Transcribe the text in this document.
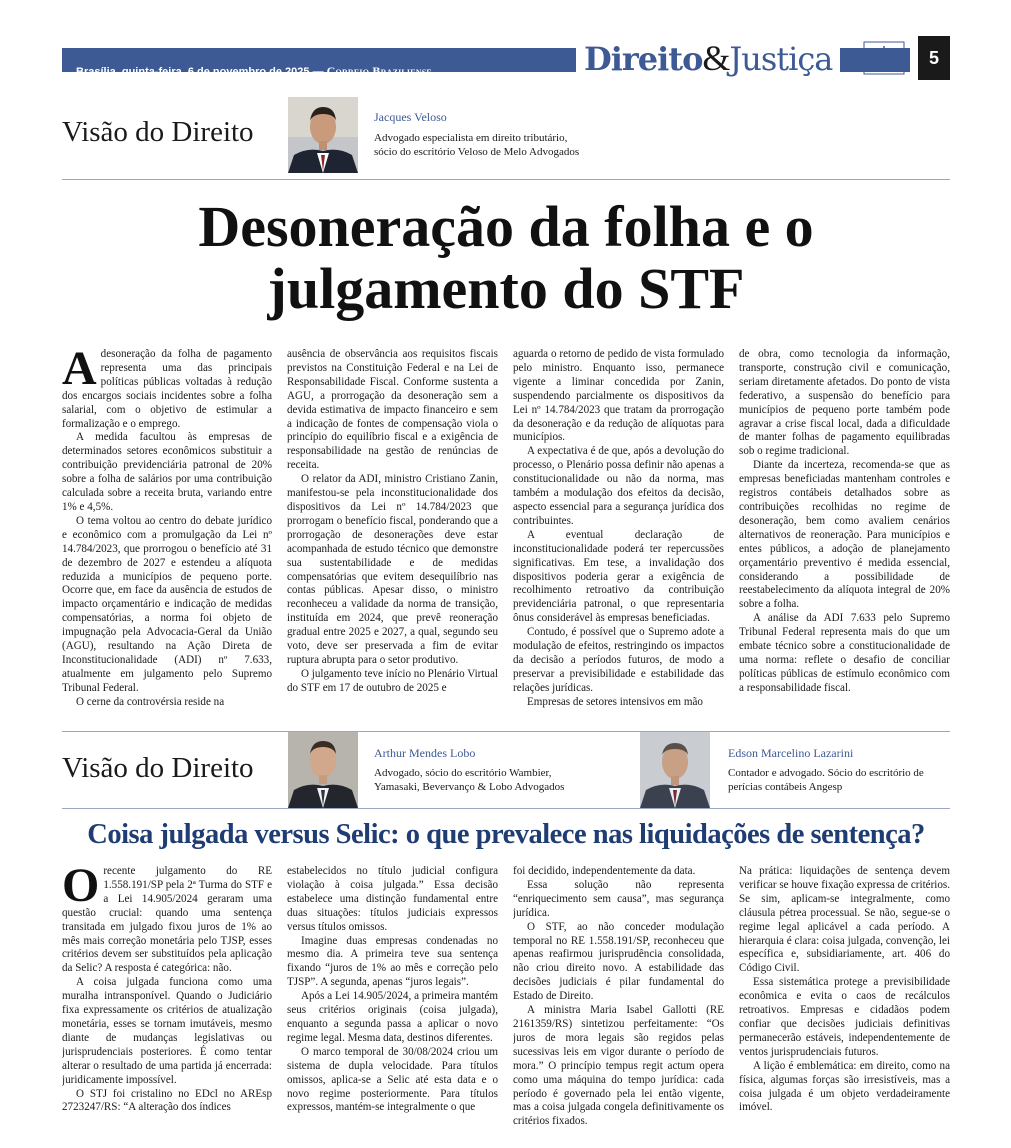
Brasília, quinta-feira, 6 de novembro de 2025 — Correio Braziliense	Direito&Justiça	5
Visão do Direito	Jacques Veloso
Advogado especialista em direito tributário,
sócio do escritório Veloso de Melo Advogados
Desoneração da folha e o
julgamento do STF

Adesoneração da folha de pagamento representa uma das principais políticas públicas voltadas à redução dos encargos sociais incidentes sobre a folha salarial, com o objetivo de estimular a formalização e o emprego.

A medida facultou às empresas de determinados setores econômicos substituir a contribuição previdenciária patronal de 20% sobre a folha de salários por uma contribuição calculada sobre a receita bruta, variando entre 1% e 4,5%.

O tema voltou ao centro do debate jurídico e econômico com a promulgação da Lei nº 14.784/2023, que prorrogou o benefício até 31 de dezembro de 2027 e estendeu a alíquota reduzida a municípios de pequeno porte. Ocorre que, em face da ausência de estudos de impacto orçamentário e indicação de medidas compensatórias, a norma foi objeto de impugnação pela Advocacia-Geral da União (AGU), resultando na Ação Direta de Inconstitucionalidade (ADI) nº 7.633, atualmente em julgamento pelo Supremo Tribunal Federal.

O cerne da controvérsia reside na

ausência de observância aos requisitos fiscais previstos na Constituição Federal e na Lei de Responsabilidade Fiscal. Conforme sustenta a AGU, a prorrogação da desoneração sem a devida estimativa de impacto financeiro e sem a indicação de fontes de compensação viola o princípio do equilíbrio fiscal e a exigência de responsabilidade na gestão de renúncias de receita.

O relator da ADI, ministro Cristiano Zanin, manifestou-se pela inconstitucionalidade dos dispositivos da Lei nº 14.784/2023 que prorrogam o benefício fiscal, ponderando que a prorrogação de desonerações deve estar acompanhada de estudo técnico que demonstre sua sustentabilidade e de medidas compensatórias que evitem desequilíbrio nas contas públicas. Apesar disso, o ministro reconheceu a validade da norma de transição, instituída em 2024, que prevê reoneração gradual entre 2025 e 2027, a qual, segundo seu voto, deve ser preservada a fim de evitar ruptura abrupta para o setor produtivo.

O julgamento teve início no Plenário Virtual do STF em 17 de outubro de 2025 e

aguarda o retorno de pedido de vista formulado pelo ministro. Enquanto isso, permanece vigente a liminar concedida por Zanin, suspendendo parcialmente os dispositivos da Lei nº 14.784/2023 que tratam da prorrogação da desoneração e da redução de alíquotas para municípios.

A expectativa é de que, após a devolução do processo, o Plenário possa definir não apenas a constitucionalidade ou não da norma, mas também a modulação dos efeitos da decisão, aspecto essencial para a segurança jurídica dos contribuintes.

A eventual declaração de inconstitucionalidade poderá ter repercussões significativas. Em tese, a invalidação dos dispositivos poderia gerar a exigência de recolhimento retroativo da contribuição previdenciária patronal, o que representaria ônus considerável às empresas beneficiadas.

Contudo, é possível que o Supremo adote a modulação de efeitos, restringindo os impactos da decisão a períodos futuros, de modo a preservar a previsibilidade e estabilidade das relações jurídicas.

Empresas de setores intensivos em mão

de obra, como tecnologia da informação, transporte, construção civil e comunicação, seriam diretamente afetados. Do ponto de vista federativo, a suspensão do benefício para municípios de pequeno porte também pode agravar a crise fiscal local, dada a dificuldade de manter folhas de pagamento equilibradas sob o regime tradicional.

Diante da incerteza, recomenda-se que as empresas beneficiadas mantenham controles e registros contábeis detalhados sobre as contribuições recolhidas no regime de desoneração, bem como avaliem cenários alternativos de reoneração. Para municípios e entes públicos, a adoção de planejamento orçamentário preventivo é medida essencial, considerando a possibilidade de reestabelecimento da alíquota integral de 20% sobre a folha.

A análise da ADI 7.633 pelo Supremo Tribunal Federal representa mais do que um embate técnico sobre a constitucionalidade de uma norma: reflete o desafio de conciliar políticas públicas de estímulo econômico com a responsabilidade fiscal.

Visão do Direito	Arthur Mendes Lobo
Advogado, sócio do escritório Wambier,
Yamasaki, Bevervanço & Lobo Advogados
Edson Marcelino Lazarini
Contador e advogado. Sócio do escritório de
perícias contábeis Angesp
Coisa julgada versus Selic: o que prevalece nas liquidações de sentença?

Orecente julgamento do RE 1.558.191/SP pela 2ª Turma do STF e a Lei 14.905/2024 geraram uma questão crucial: quando uma sentença transitada em julgado fixou juros de 1% ao mês mais correção monetária pelo TJSP, esses critérios devem ser substituídos pela aplicação da Selic? A resposta é categórica: não.

A coisa julgada funciona como uma muralha intransponível. Quando o Judiciário fixa expressamente os critérios de atualização monetária, esses se tornam imutáveis, mesmo diante de mudanças legislativas ou jurisprudenciais posteriores. É como tentar alterar o resultado de uma partida já encerrada: juridicamente impossível.

O STJ foi cristalino no EDcl no AREsp 2723247/RS: “A alteração dos índices

estabelecidos no título judicial configura violação à coisa julgada.” Essa decisão estabelece uma distinção fundamental entre duas situações: títulos judiciais expressos versus títulos omissos.

Imagine duas empresas condenadas no mesmo dia. A primeira teve sua sentença fixando “juros de 1% ao mês e correção pelo TJSP”. A segunda, apenas “juros legais”.

Após a Lei 14.905/2024, a primeira mantém seus critérios originais (coisa julgada), enquanto a segunda passa a aplicar o novo regime legal. Mesma data, destinos diferentes.

O marco temporal de 30/08/2024 criou um sistema de dupla velocidade. Para títulos omissos, aplica-se a Selic até esta data e o novo regime posteriormente. Para títulos expressos, mantém-se integralmente o que

foi decidido, independentemente da data.

Essa solução não representa “enriquecimento sem causa”, mas segurança jurídica.

O STF, ao não conceder modulação temporal no RE 1.558.191/SP, reconheceu que apenas reafirmou jurisprudência consolidada, não criou direito novo. A estabilidade das decisões judiciais é pilar fundamental do Estado de Direito.

A ministra Maria Isabel Gallotti (RE 2161359/RS) sintetizou perfeitamente: “Os juros de mora legais são regidos pelas sucessivas leis em vigor durante o período de mora.” O princípio tempus regit actum opera como uma máquina do tempo jurídica: cada período é governado pela lei então vigente, mas a coisa julgada congela definitivamente os critérios fixados.

Na prática: liquidações de sentença devem verificar se houve fixação expressa de critérios. Se sim, aplicam-se integralmente, como cláusula pétrea processual. Se não, segue-se o regime legal aplicável a cada período. A hierarquia é clara: coisa julgada, convenção, lei específica e, subsidiariamente, art. 406 do Código Civil.

Essa sistemática protege a previsibilidade econômica e evita o caos de recálculos retroativos. Empresas e cidadãos podem confiar que decisões judiciais definitivas permanecerão estáveis, independentemente de ventos jurisprudenciais futuros.

A lição é emblemática: em direito, como na física, algumas forças são irresistíveis, mas a coisa julgada é um objeto verdadeiramente imóvel.
